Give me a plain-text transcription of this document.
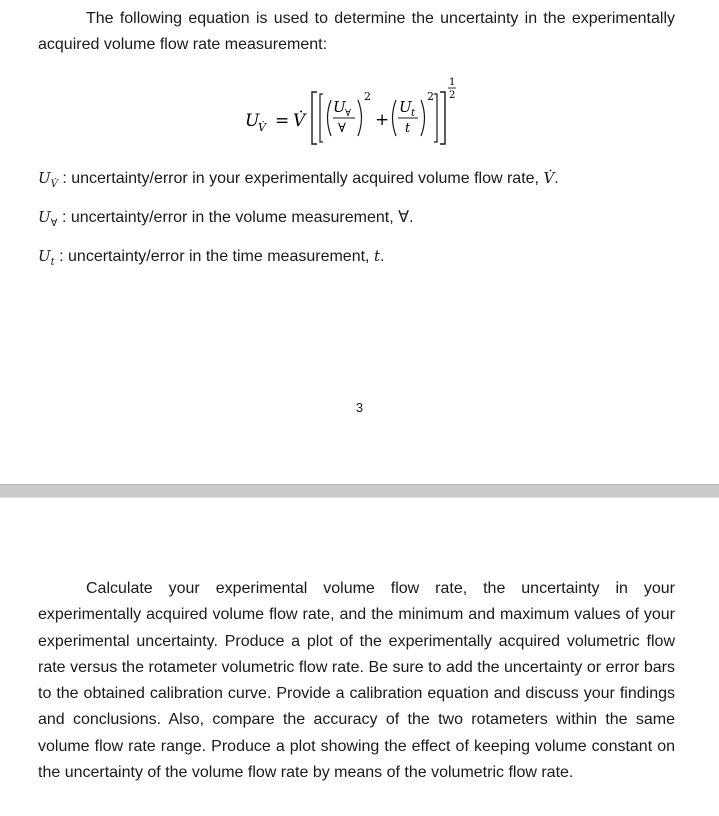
The following equation is used to determine the uncertainty in the experimentally acquired volume flow rate measurement:
U
V̇ = V̇
U ∀
∀
2
+
U t
t
2
1
2
$U_{V̇}$ : uncertainty/error in your experimentally acquired volume flow rate, V̇.
$U_\forall$ : uncertainty/error in the volume measurement, ∀.
$U_t$ : uncertainty/error in the time measurement, t.
3
Calculate your experimental volume flow rate, the uncertainty in your experimentally acquired volume flow rate, and the minimum and maximum values of your experimental uncertainty. Produce a plot of the experimentally acquired volumetric flow rate versus the rotameter volumetric flow rate. Be sure to add the uncertainty or error bars to the obtained calibration curve. Provide a calibration equation and discuss your findings and conclusions. Also, compare the accuracy of the two rotameters within the same volume flow rate range. Produce a plot showing the effect of keeping volume constant on the uncertainty of the volume flow rate by means of the volumetric flow rate.
